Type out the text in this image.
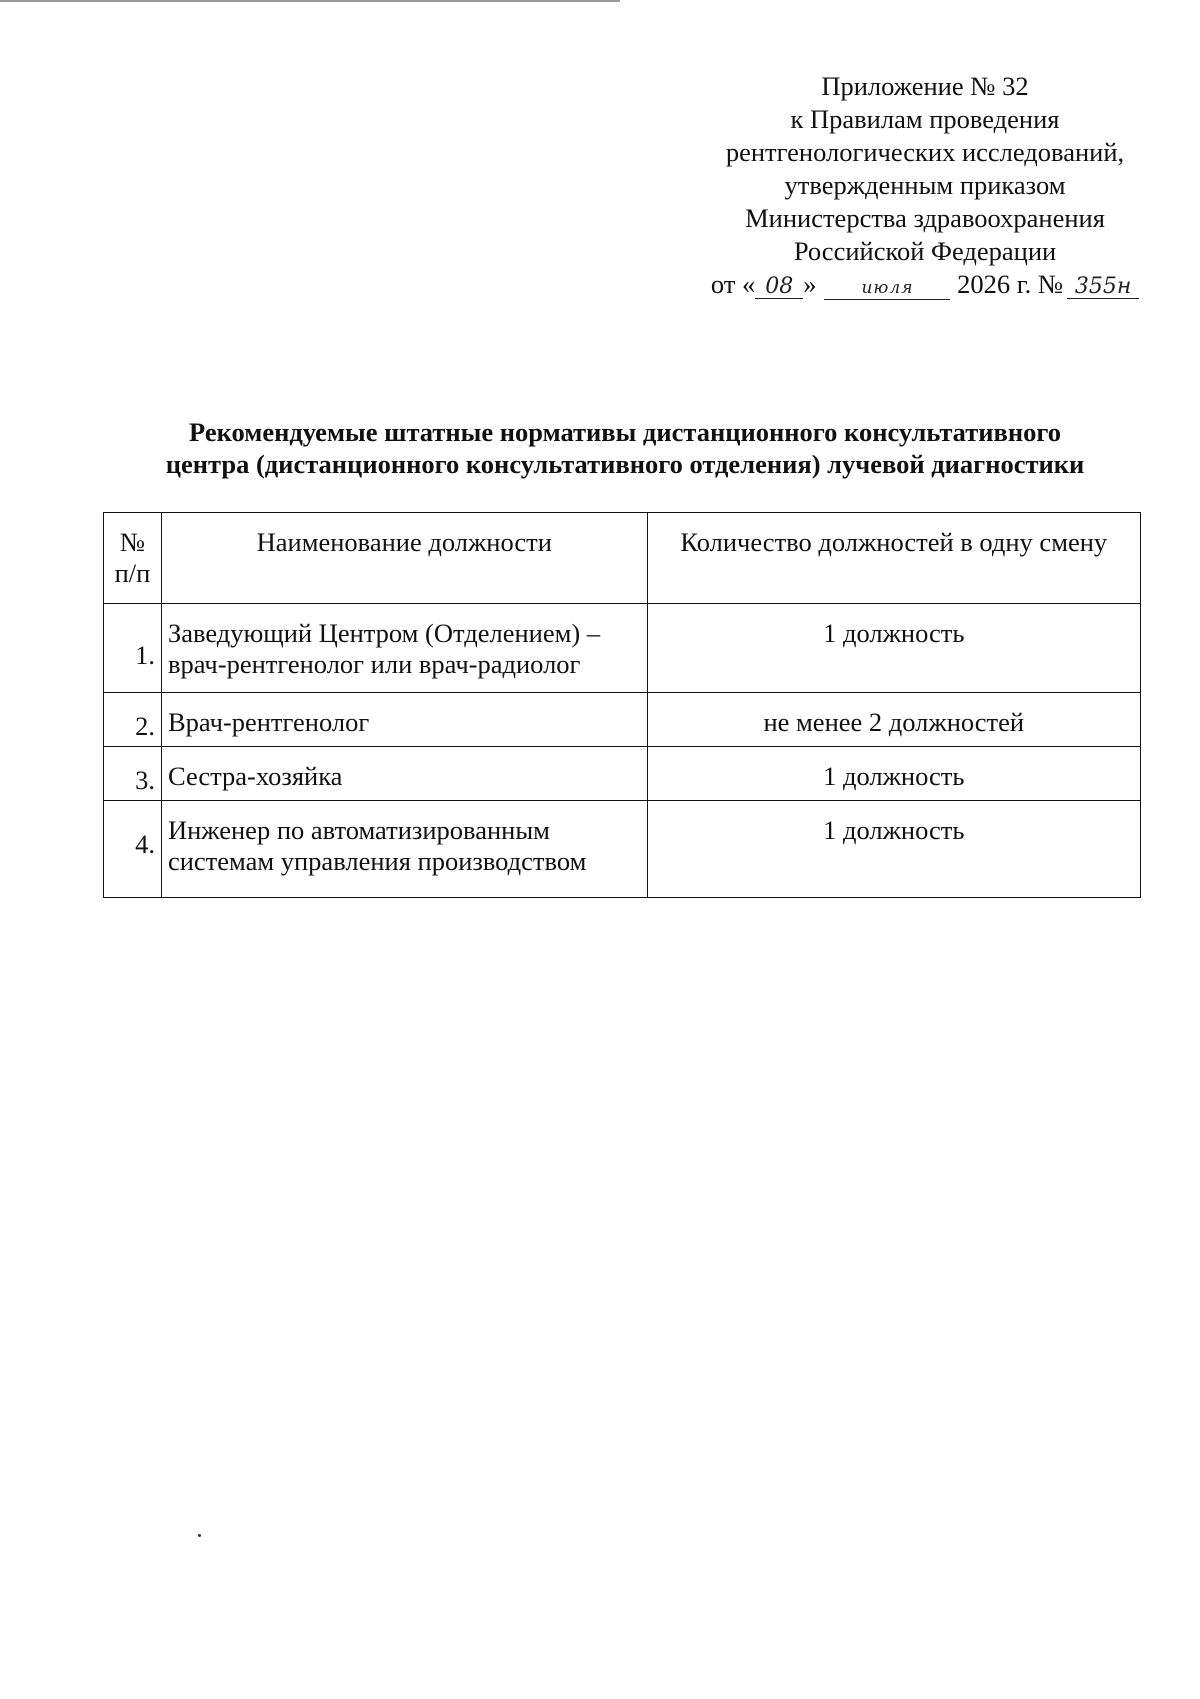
Приложение № 32
к Правилам проведения
рентгенологических исследований,
утвержденным приказом
Министерства здравоохранения
Российской Федерации
от « 08 »	июля 2026 г. № 355н
Рекомендуемые штатные нормативы дистанционного консультативного
центра (дистанционного консультативного отделения) лучевой диагностики
№ п/п	Наименование должности	Количество должностей в одну смену
1.	Заведующий Центром (Отделением) – врач-рентгенолог или врач-радиолог	1 должность
2.	Врач-рентгенолог	не менее 2 должностей
3.	Сестра-хозяйка	1 должность
4.	Инженер по автоматизированным системам управления производством	1 должность
